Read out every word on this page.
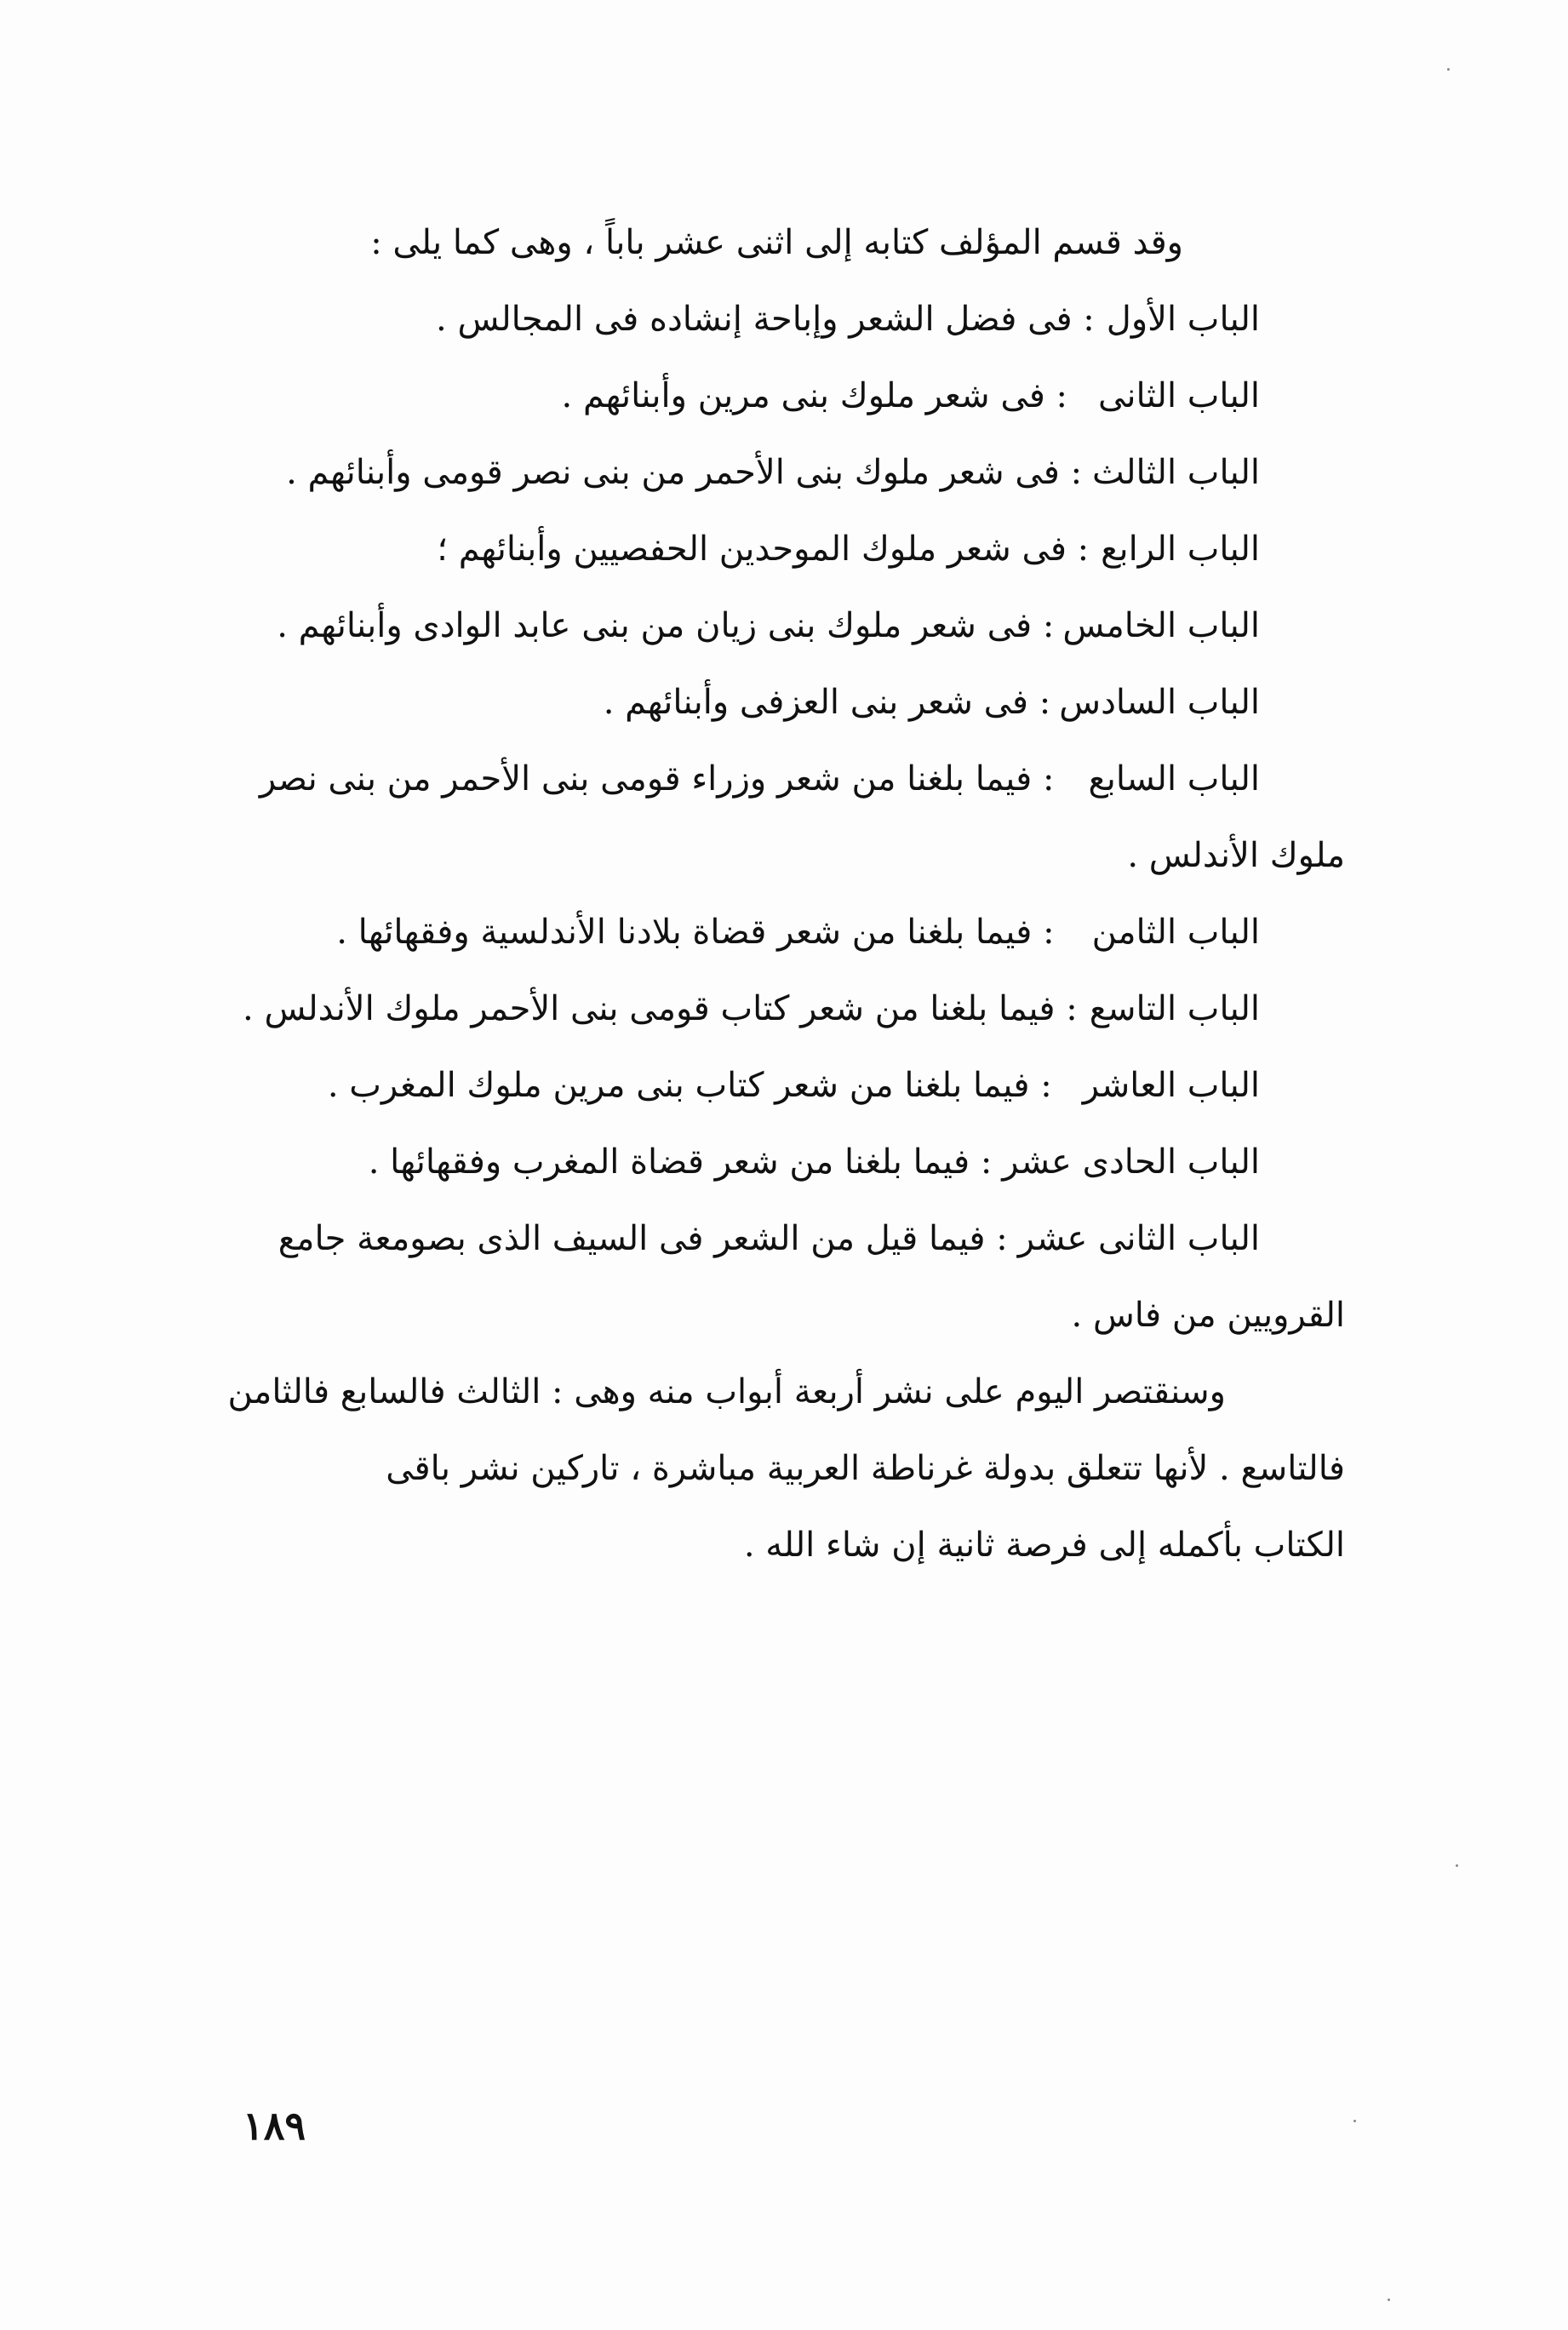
وقد قسم المؤلف كتابه إلى اثنى عشر باباً ، وهى كما يلى :
الباب الأول
: فى فضل الشعر وإباحة إنشاده فى المجالس .
الباب الثانى
: فى شعر ملوك بنى مرين وأبنائهم .
الباب الثالث
: فى شعر ملوك بنى الأحمر من بنى نصر قومى وأبنائهم .
الباب الرابع
: فى شعر ملوك الموحدين الحفصيين وأبنائهم ؛
الباب الخامس
: فى شعر ملوك بنى زيان من بنى عابد الوادى وأبنائهم .
الباب السادس
: فى شعر بنى العزفى وأبنائهم .
الباب السابع
: فيما بلغنا من شعر وزراء قومى بنى الأحمر من بنى نصر
ملوك الأندلس .
الباب الثامن
: فيما بلغنا من شعر قضاة بلادنا الأندلسية وفقهائها .
الباب التاسع
: فيما بلغنا من شعر كتاب قومى بنى الأحمر ملوك الأندلس .
الباب العاشر
: فيما بلغنا من شعر كتاب بنى مرين ملوك المغرب .
الباب الحادى عشر
: فيما بلغنا من شعر قضاة المغرب وفقهائها .
الباب الثانى عشر
: فيما قيل من الشعر فى السيف الذى بصومعة جامع
القرويين من فاس .
وسنقتصر اليوم على نشر أربعة أبواب منه وهى : الثالث فالسابع فالثامن
فالتاسع . لأنها تتعلق بدولة غرناطة العربية مباشرة ، تاركين نشر باقى
الكتاب بأكمله إلى فرصة ثانية إن شاء الله .
١٨٩
